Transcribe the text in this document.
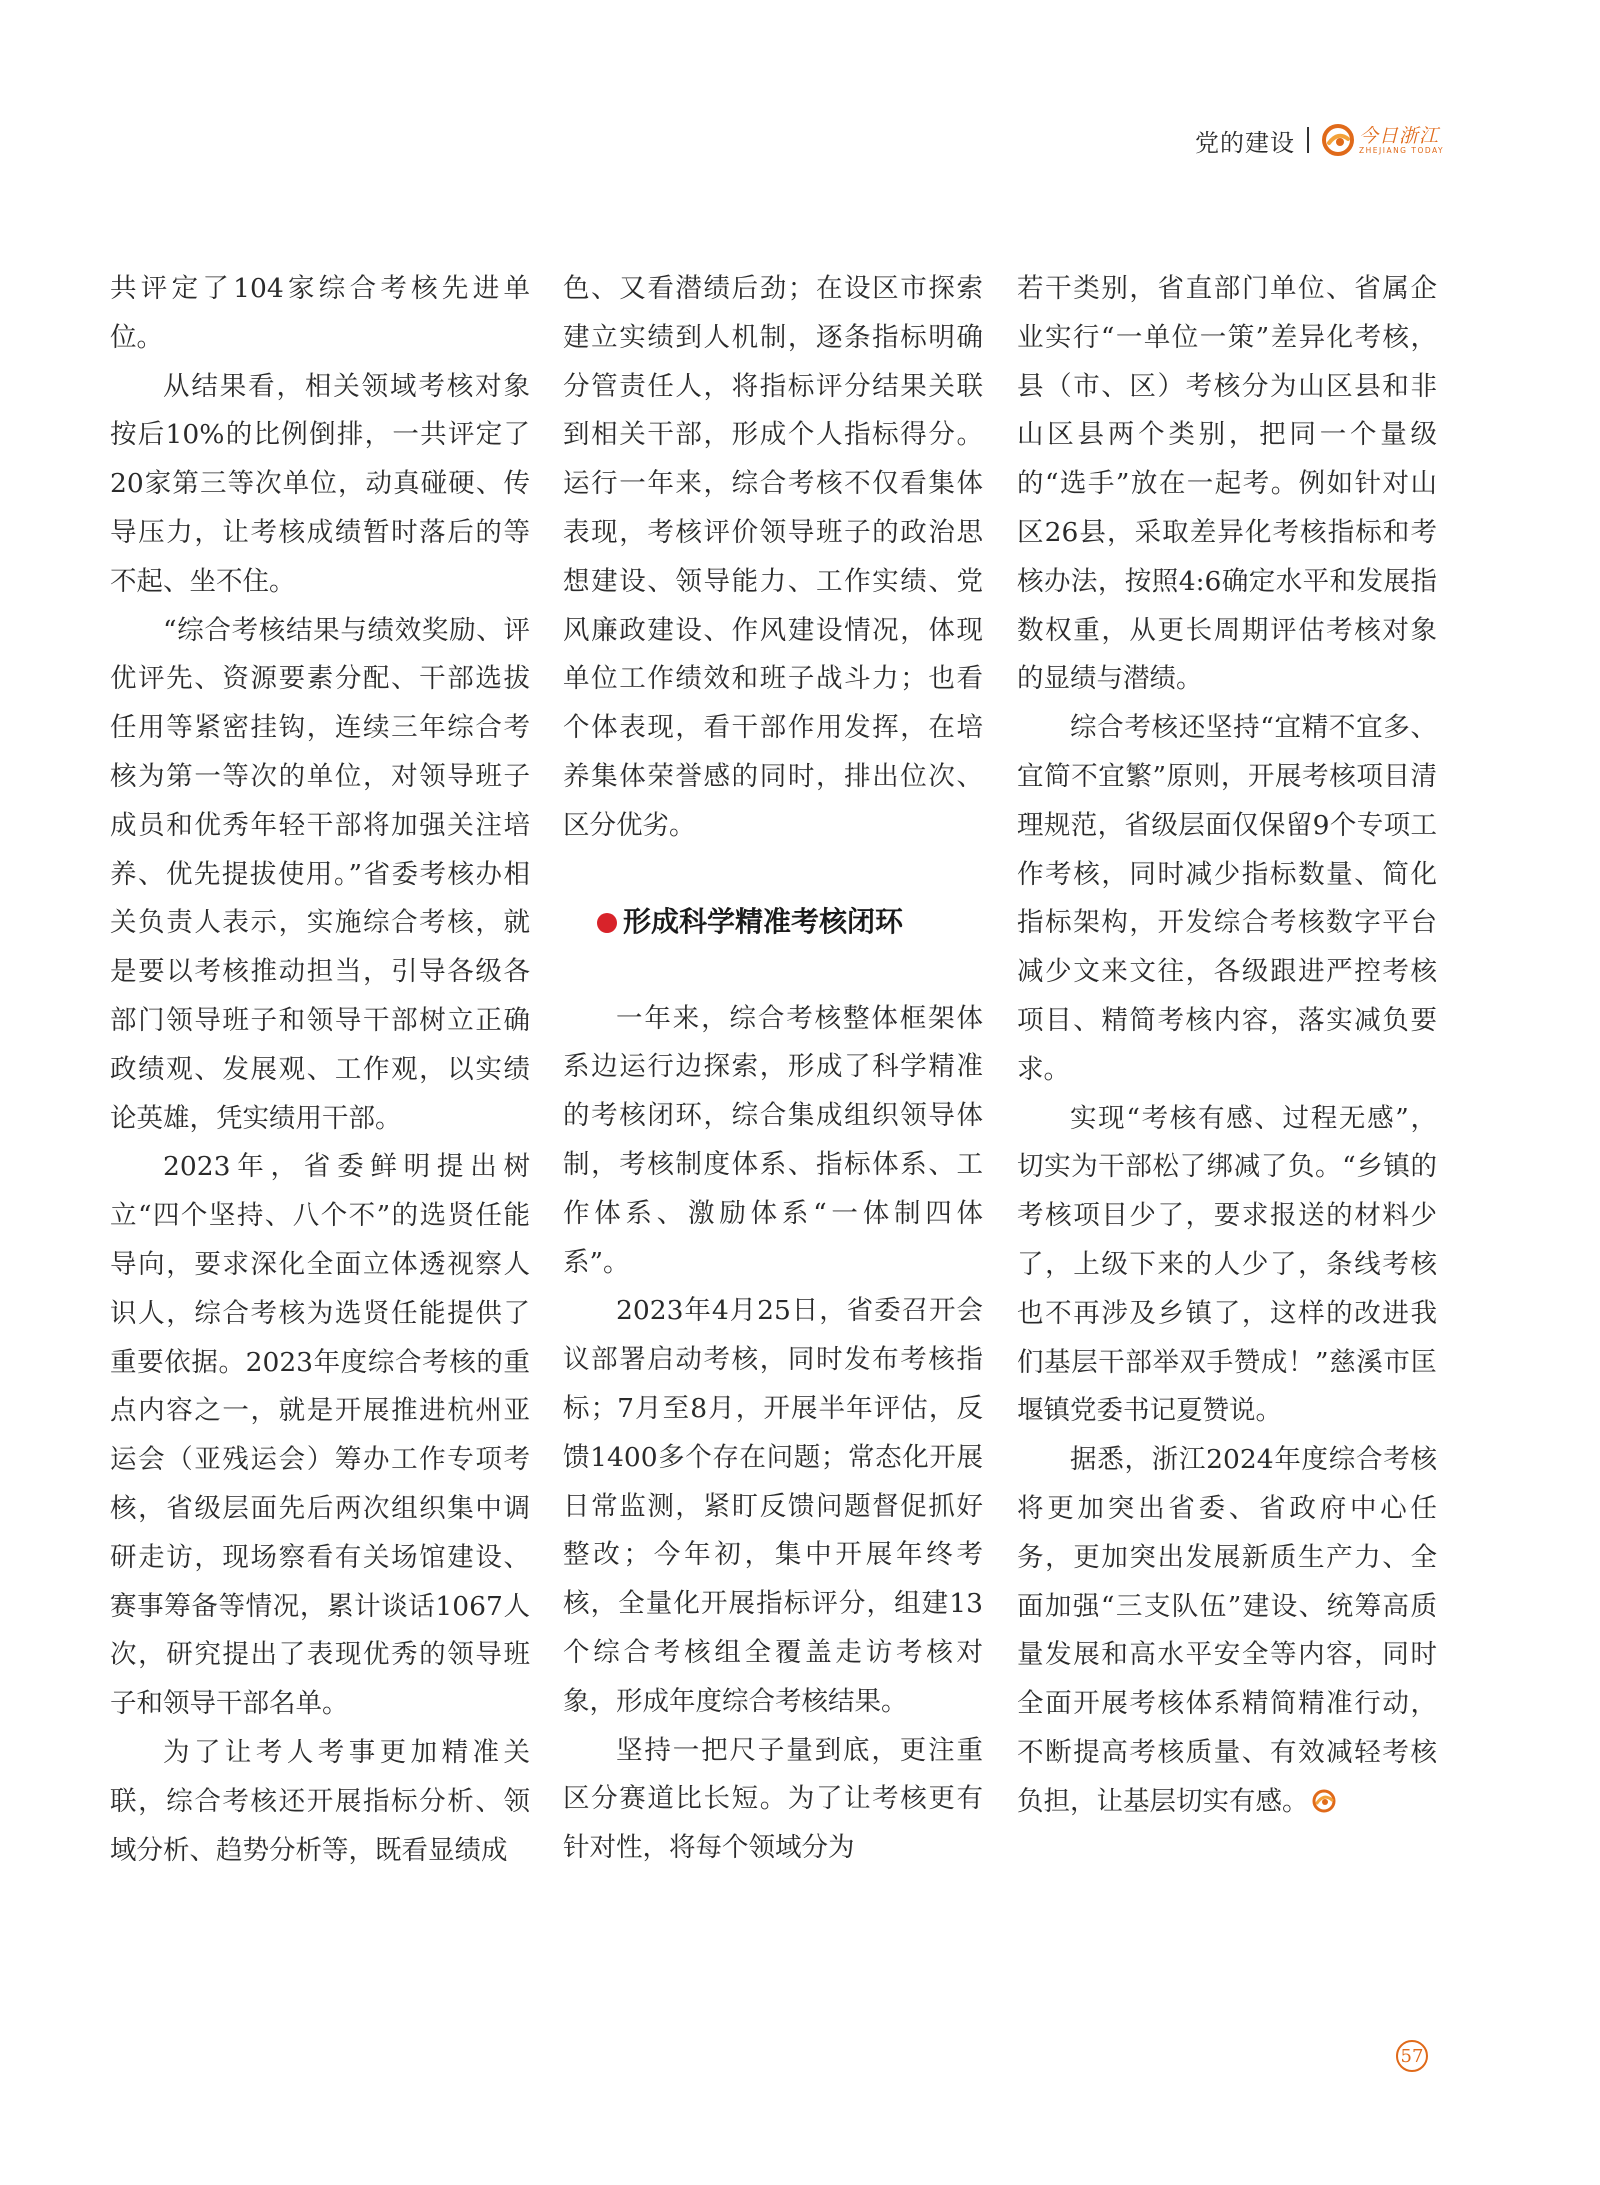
党的建设	今日浙江
ZHEJIANG TODAY

共评定了104家综合考核先进单位。

从结果看，相关领域考核对象按后10%的比例倒排，一共评定了20家第三等次单位，动真碰硬、传导压力，让考核成绩暂时落后的等不起、坐不住。

“综合考核结果与绩效奖励、评优评先、资源要素分配、干部选拔任用等紧密挂钩，连续三年综合考核为第一等次的单位，对领导班子成员和优秀年轻干部将加强关注培养、优先提拔使用。”省委考核办相关负责人表示，实施综合考核，就是要以考核推动担当，引导各级各部门领导班子和领导干部树立正确政绩观、发展观、工作观，以实绩论英雄，凭实绩用干部。

2023年，省委鲜明提出树立“四个坚持、八个不”的选贤任能导向，要求深化全面立体透视察人识人，综合考核为选贤任能提供了重要依据。2023年度综合考核的重点内容之一，就是开展推进杭州亚运会（亚残运会）筹办工作专项考核，省级层面先后两次组织集中调研走访，现场察看有关场馆建设、赛事筹备等情况，累计谈话1067人次，研究提出了表现优秀的领导班子和领导干部名单。

为了让考人考事更加精准关联，综合考核还开展指标分析、领域分析、趋势分析等，既看显绩成

色、又看潜绩后劲；在设区市探索建立实绩到人机制，逐条指标明确分管责任人，将指标评分结果关联到相关干部，形成个人指标得分。运行一年来，综合考核不仅看集体表现，考核评价领导班子的政治思想建设、领导能力、工作实绩、党风廉政建设、作风建设情况，体现单位工作绩效和班子战斗力；也看个体表现，看干部作用发挥，在培养集体荣誉感的同时，排出位次、区分优劣。

形成科学精准考核闭环

一年来，综合考核整体框架体系边运行边探索，形成了科学精准的考核闭环，综合集成组织领导体制，考核制度体系、指标体系、工作体系、激励体系“一体制四体系”。

2023年4月25日，省委召开会议部署启动考核，同时发布考核指标；7月至8月，开展半年评估，反馈1400多个存在问题；常态化开展日常监测，紧盯反馈问题督促抓好整改；今年初，集中开展年终考核，全量化开展指标评分，组建13个综合考核组全覆盖走访考核对象，形成年度综合考核结果。

坚持一把尺子量到底，更注重区分赛道比长短。为了让考核更有针对性，将每个领域分为

若干类别，省直部门单位、省属企业实行“一单位一策”差异化考核，县（市、区）考核分为山区县和非山区县两个类别，把同一个量级的“选手”放在一起考。例如针对山区26县，采取差异化考核指标和考核办法，按照4:6确定水平和发展指数权重，从更长周期评估考核对象的显绩与潜绩。

综合考核还坚持“宜精不宜多、宜简不宜繁”原则，开展考核项目清理规范，省级层面仅保留9个专项工作考核，同时减少指标数量、简化指标架构，开发综合考核数字平台减少文来文往，各级跟进严控考核项目、精简考核内容，落实减负要求。

实现“考核有感、过程无感”，切实为干部松了绑减了负。“乡镇的考核项目少了，要求报送的材料少了，上级下来的人少了，条线考核也不再涉及乡镇了，这样的改进我们基层干部举双手赞成！”慈溪市匡堰镇党委书记夏赞说。

据悉，浙江2024年度综合考核将更加突出省委、省政府中心任务，更加突出发展新质生产力、全面加强“三支队伍”建设、统筹高质量发展和高水平安全等内容，同时全面开展考核体系精简精准行动，不断提高考核质量、有效减轻考核负担，让基层切实有感。

57
